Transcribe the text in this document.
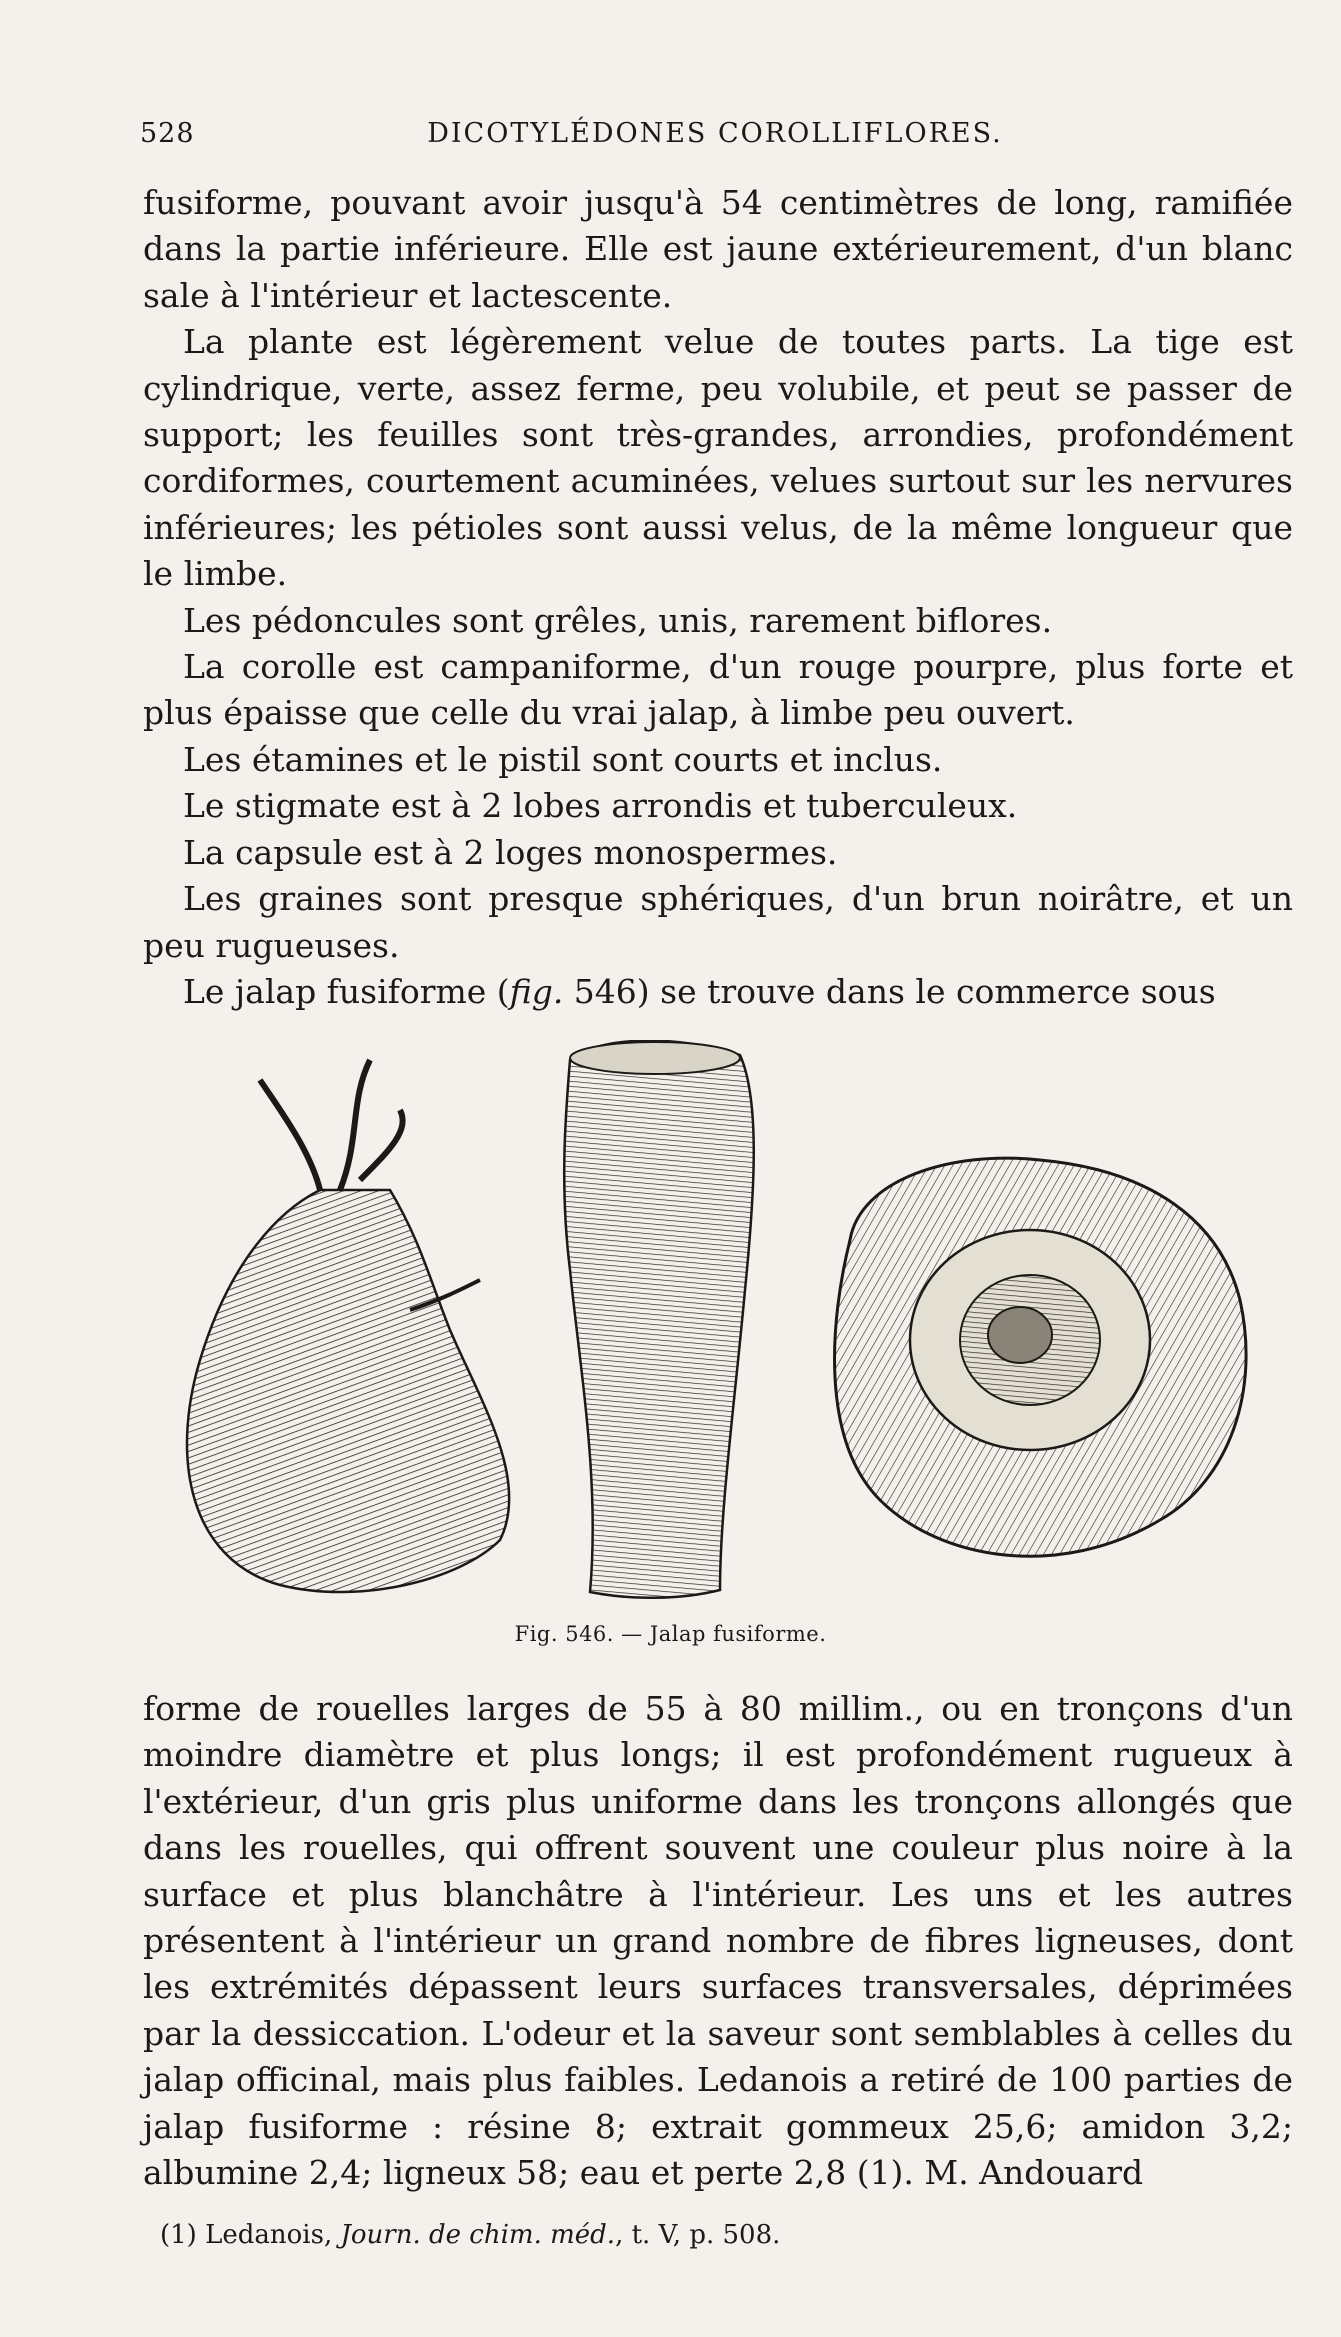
528	DICOTYLÉDONES COROLLIFLORES.

fusiforme, pouvant avoir jusqu'à 54 centimètres de long, ramifiée dans la partie inférieure. Elle est jaune extérieurement, d'un blanc sale à l'intérieur et lactescente.

La plante est légèrement velue de toutes parts. La tige est cylindrique, verte, assez ferme, peu volubile, et peut se passer de support; les feuilles sont très-grandes, arrondies, profondément cordiformes, courtement acuminées, velues surtout sur les nervures inférieures; les pétioles sont aussi velus, de la même longueur que le limbe.

Les pédoncules sont grêles, unis, rarement biflores.

La corolle est campaniforme, d'un rouge pourpre, plus forte et plus épaisse que celle du vrai jalap, à limbe peu ouvert.

Les étamines et le pistil sont courts et inclus.

Le stigmate est à 2 lobes arrondis et tuberculeux.

La capsule est à 2 loges monospermes.

Les graines sont presque sphériques, d'un brun noirâtre, et un peu rugueuses.

Le jalap fusiforme (fig. 546) se trouve dans le commerce sous

Fig. 546. — Jalap fusiforme.

forme de rouelles larges de 55 à 80 millim., ou en tronçons d'un moindre diamètre et plus longs; il est profondément rugueux à l'extérieur, d'un gris plus uniforme dans les tronçons allongés que dans les rouelles, qui offrent souvent une couleur plus noire à la surface et plus blanchâtre à l'intérieur. Les uns et les autres présentent à l'intérieur un grand nombre de fibres ligneuses, dont les extrémités dépassent leurs surfaces transversales, déprimées par la dessiccation. L'odeur et la saveur sont semblables à celles du jalap officinal, mais plus faibles. Ledanois a retiré de 100 parties de jalap fusiforme : résine 8; extrait gommeux 25,6; amidon 3,2; albumine 2,4; ligneux 58; eau et perte 2,8 (1). M. Andouard

(1) Ledanois, Journ. de chim. méd., t. V, p. 508.
